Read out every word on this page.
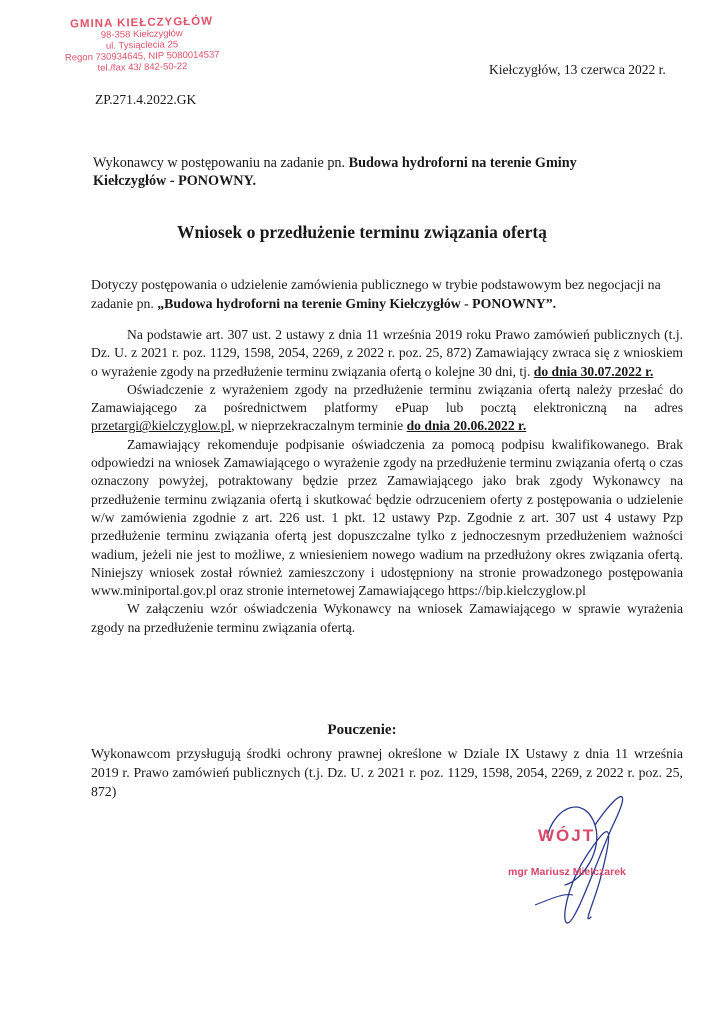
GMINA KIEŁCZYGŁÓW
98-358 Kiełczygłów
ul. Tysiąclecia 25
Regon 730934645, NIP 5080014537
tel./fax 43/ 842-50-22
ZP.271.4.2022.GK
Kiełczygłów, 13 czerwca 2022 r.
Wykonawcy w postępowaniu na zadanie pn. Budowa hydroforni na terenie Gminy Kiełczygłów - PONOWNY.
Wniosek o przedłużenie terminu związania ofertą
Dotyczy postępowania o udzielenie zamówienia publicznego w trybie podstawowym bez negocjacji na zadanie pn. „Budowa hydroforni na terenie Gminy Kiełczygłów - PONOWNY”.

Na podstawie art. 307 ust. 2 ustawy z dnia 11 września 2019 roku Prawo zamówień publicznych (t.j. Dz. U. z 2021 r. poz. 1129, 1598, 2054, 2269, z 2022 r. poz. 25, 872) Zamawiający zwraca się z wnioskiem o wyrażenie zgody na przedłużenie terminu związania ofertą o kolejne 30 dni, tj. do dnia 30.07.2022 r.

Oświadczenie z wyrażeniem zgody na przedłużenie terminu związania ofertą należy przesłać do Zamawiającego za pośrednictwem platformy ePuap lub pocztą elektroniczną na adres przetargi@kielczyglow.pl, w nieprzekraczalnym terminie do dnia 20.06.2022 r.

Zamawiający rekomenduje podpisanie oświadczenia za pomocą podpisu kwalifikowanego. Brak odpowiedzi na wniosek Zamawiającego o wyrażenie zgody na przedłużenie terminu związania ofertą o czas oznaczony powyżej, potraktowany będzie przez Zamawiającego jako brak zgody Wykonawcy na przedłużenie terminu związania ofertą i skutkować będzie odrzuceniem oferty z postępowania o udzielenie w/w zamówienia zgodnie z art. 226 ust. 1 pkt. 12 ustawy Pzp. Zgodnie z art. 307 ust 4 ustawy Pzp przedłużenie terminu związania ofertą jest dopuszczalne tylko z jednoczesnym przedłużeniem ważności wadium, jeżeli nie jest to możliwe, z wniesieniem nowego wadium na przedłużony okres związania ofertą. Niniejszy wniosek został również zamieszczony i udostępniony na stronie prowadzonego postępowania www.miniportal.gov.pl oraz stronie internetowej Zamawiającego https://bip.kielczyglow.pl

W załączeniu wzór oświadczenia Wykonawcy na wniosek Zamawiającego w sprawie wyrażenia zgody na przedłużenie terminu związania ofertą.

Pouczenie:
Wykonawcom przysługują środki ochrony prawnej określone w Dziale IX Ustawy z dnia 11 września 2019 r. Prawo zamówień publicznych (t.j. Dz. U. z 2021 r. poz. 1129, 1598, 2054, 2269, z 2022 r. poz. 25, 872)
WÓJT
mgr Mariusz Mielczarek
